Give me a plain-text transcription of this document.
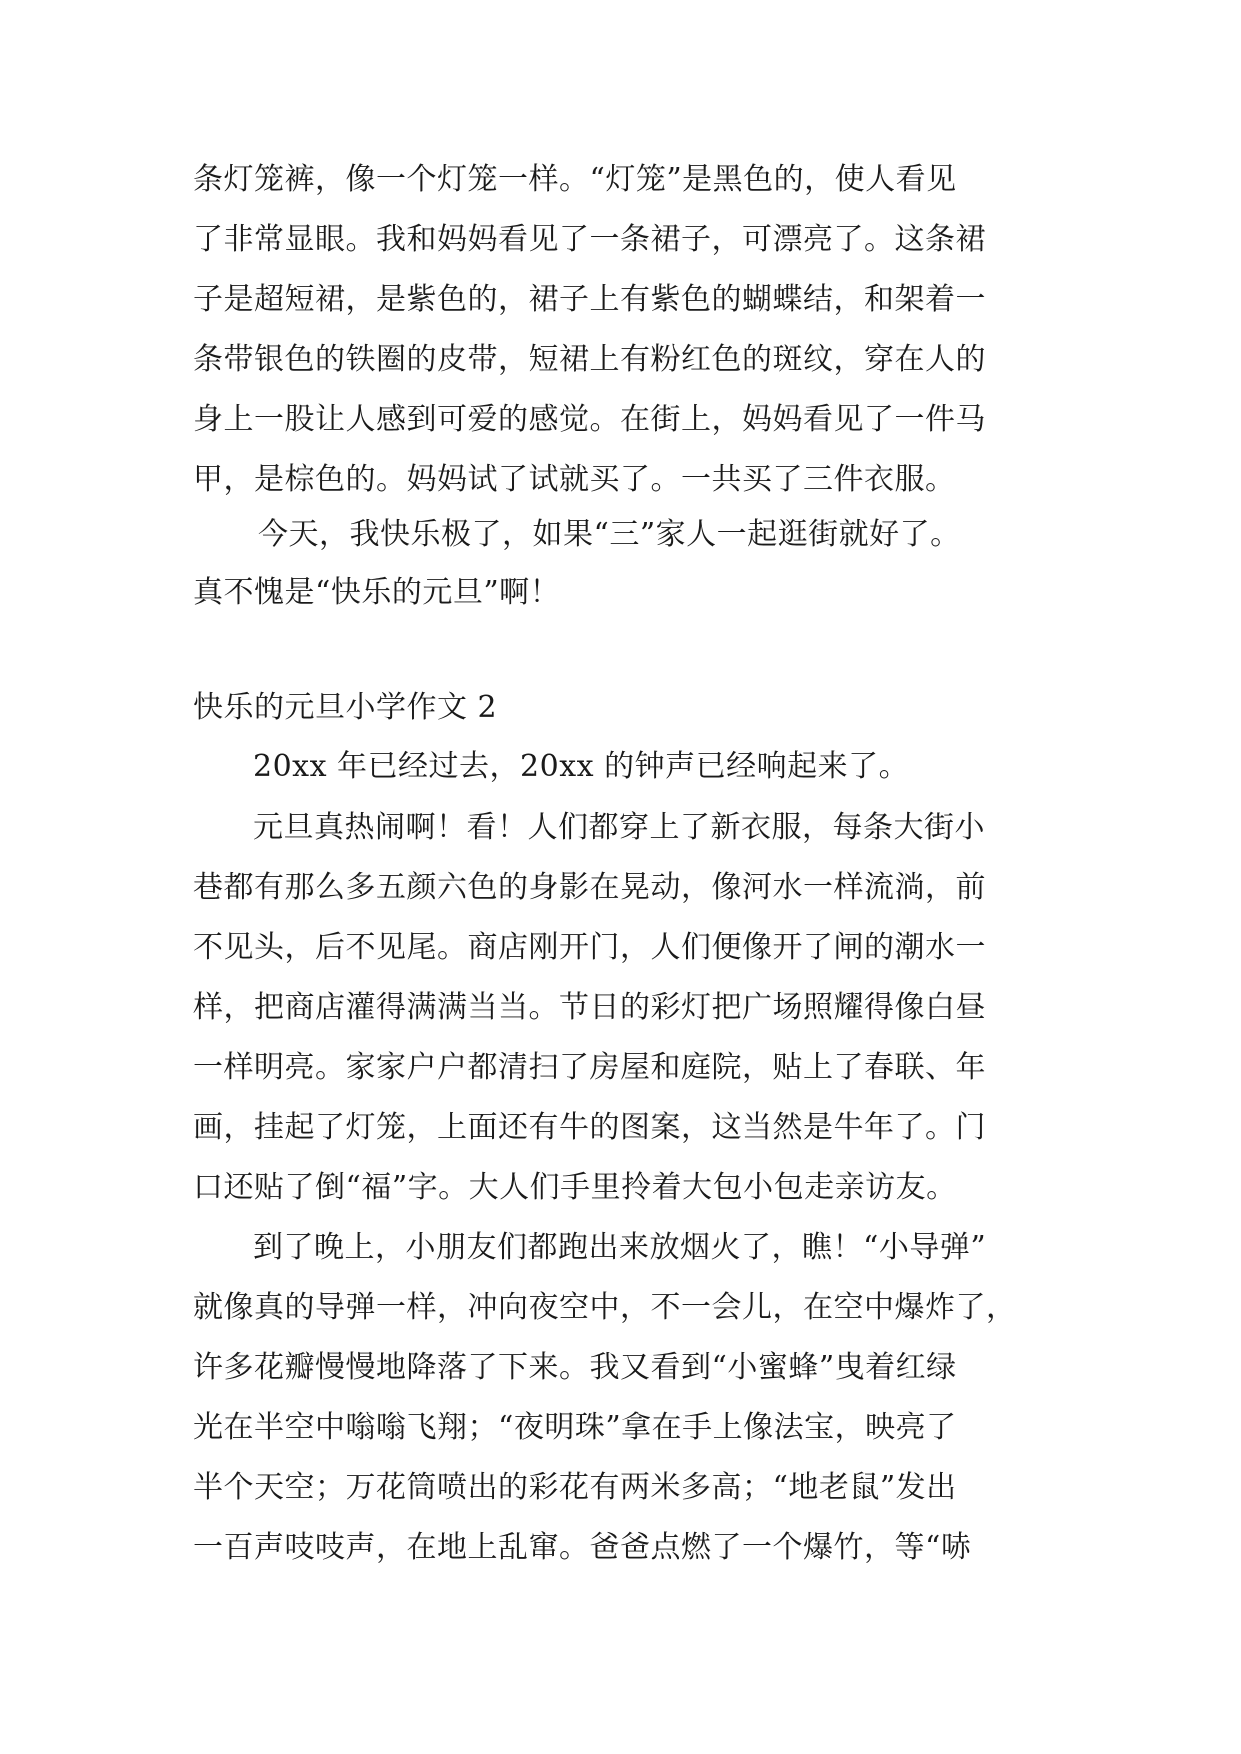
条灯笼裤，像一个灯笼一样。“灯笼”是黑色的，使人看见
了非常显眼。我和妈妈看见了一条裙子，可漂亮了。这条裙
子是超短裙，是紫色的，裙子上有紫色的蝴蝶结，和架着一
条带银色的铁圈的皮带，短裙上有粉红色的斑纹，穿在人的
身上一股让人感到可爱的感觉。在街上，妈妈看见了一件马
甲，是棕色的。妈妈试了试就买了。一共买了三件衣服。
今天，我快乐极了，如果“三”家人一起逛街就好了。
真不愧是“快乐的元旦”啊！
快乐的元旦小学作文 2
20xx 年已经过去，20xx 的钟声已经响起来了。
元旦真热闹啊！看！人们都穿上了新衣服，每条大街小
巷都有那么多五颜六色的身影在晃动，像河水一样流淌，前
不见头，后不见尾。商店刚开门，人们便像开了闸的潮水一
样，把商店灌得满满当当。节日的彩灯把广场照耀得像白昼
一样明亮。家家户户都清扫了房屋和庭院，贴上了春联、年
画，挂起了灯笼，上面还有牛的图案，这当然是牛年了。门
口还贴了倒“福”字。大人们手里拎着大包小包走亲访友。
到了晚上，小朋友们都跑出来放烟火了，瞧！“小导弹”
就像真的导弹一样，冲向夜空中，不一会儿，在空中爆炸了，
许多花瓣慢慢地降落了下来。我又看到“小蜜蜂”曳着红绿
光在半空中嗡嗡飞翔；“夜明珠”拿在手上像法宝，映亮了
半个天空；万花筒喷出的彩花有两米多高；“地老鼠”发出
一百声吱吱声，在地上乱窜。爸爸点燃了一个爆竹，等“哧
